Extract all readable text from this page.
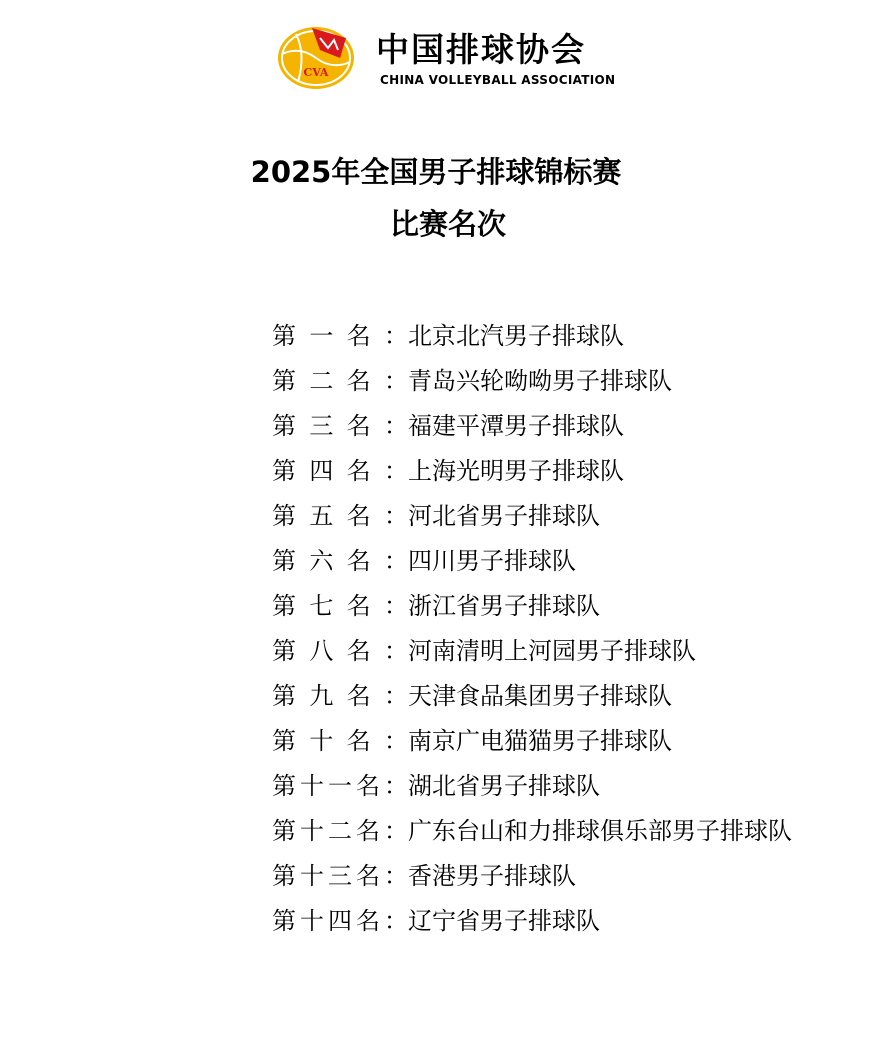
CVA
中国排球协会
CHINA VOLLEYBALL ASSOCIATION
2025年全国男子排球锦标赛
比赛名次
第 一 名 ： 北京北汽男子排球队
第 二 名 ： 青岛兴轮呦呦男子排球队
第 三 名 ： 福建平潭男子排球队
第 四 名 ： 上海光明男子排球队
第 五 名 ： 河北省男子排球队
第 六 名 ： 四川男子排球队
第 七 名 ： 浙江省男子排球队
第 八 名 ： 河南清明上河园男子排球队
第 九 名 ： 天津食品集团男子排球队
第 十 名 ： 南京广电猫猫男子排球队
第 十 一 名 ： 湖北省男子排球队
第 十 二 名 ： 广东台山和力排球俱乐部男子排球队
第 十 三 名 ： 香港男子排球队
第 十 四 名 ： 辽宁省男子排球队
